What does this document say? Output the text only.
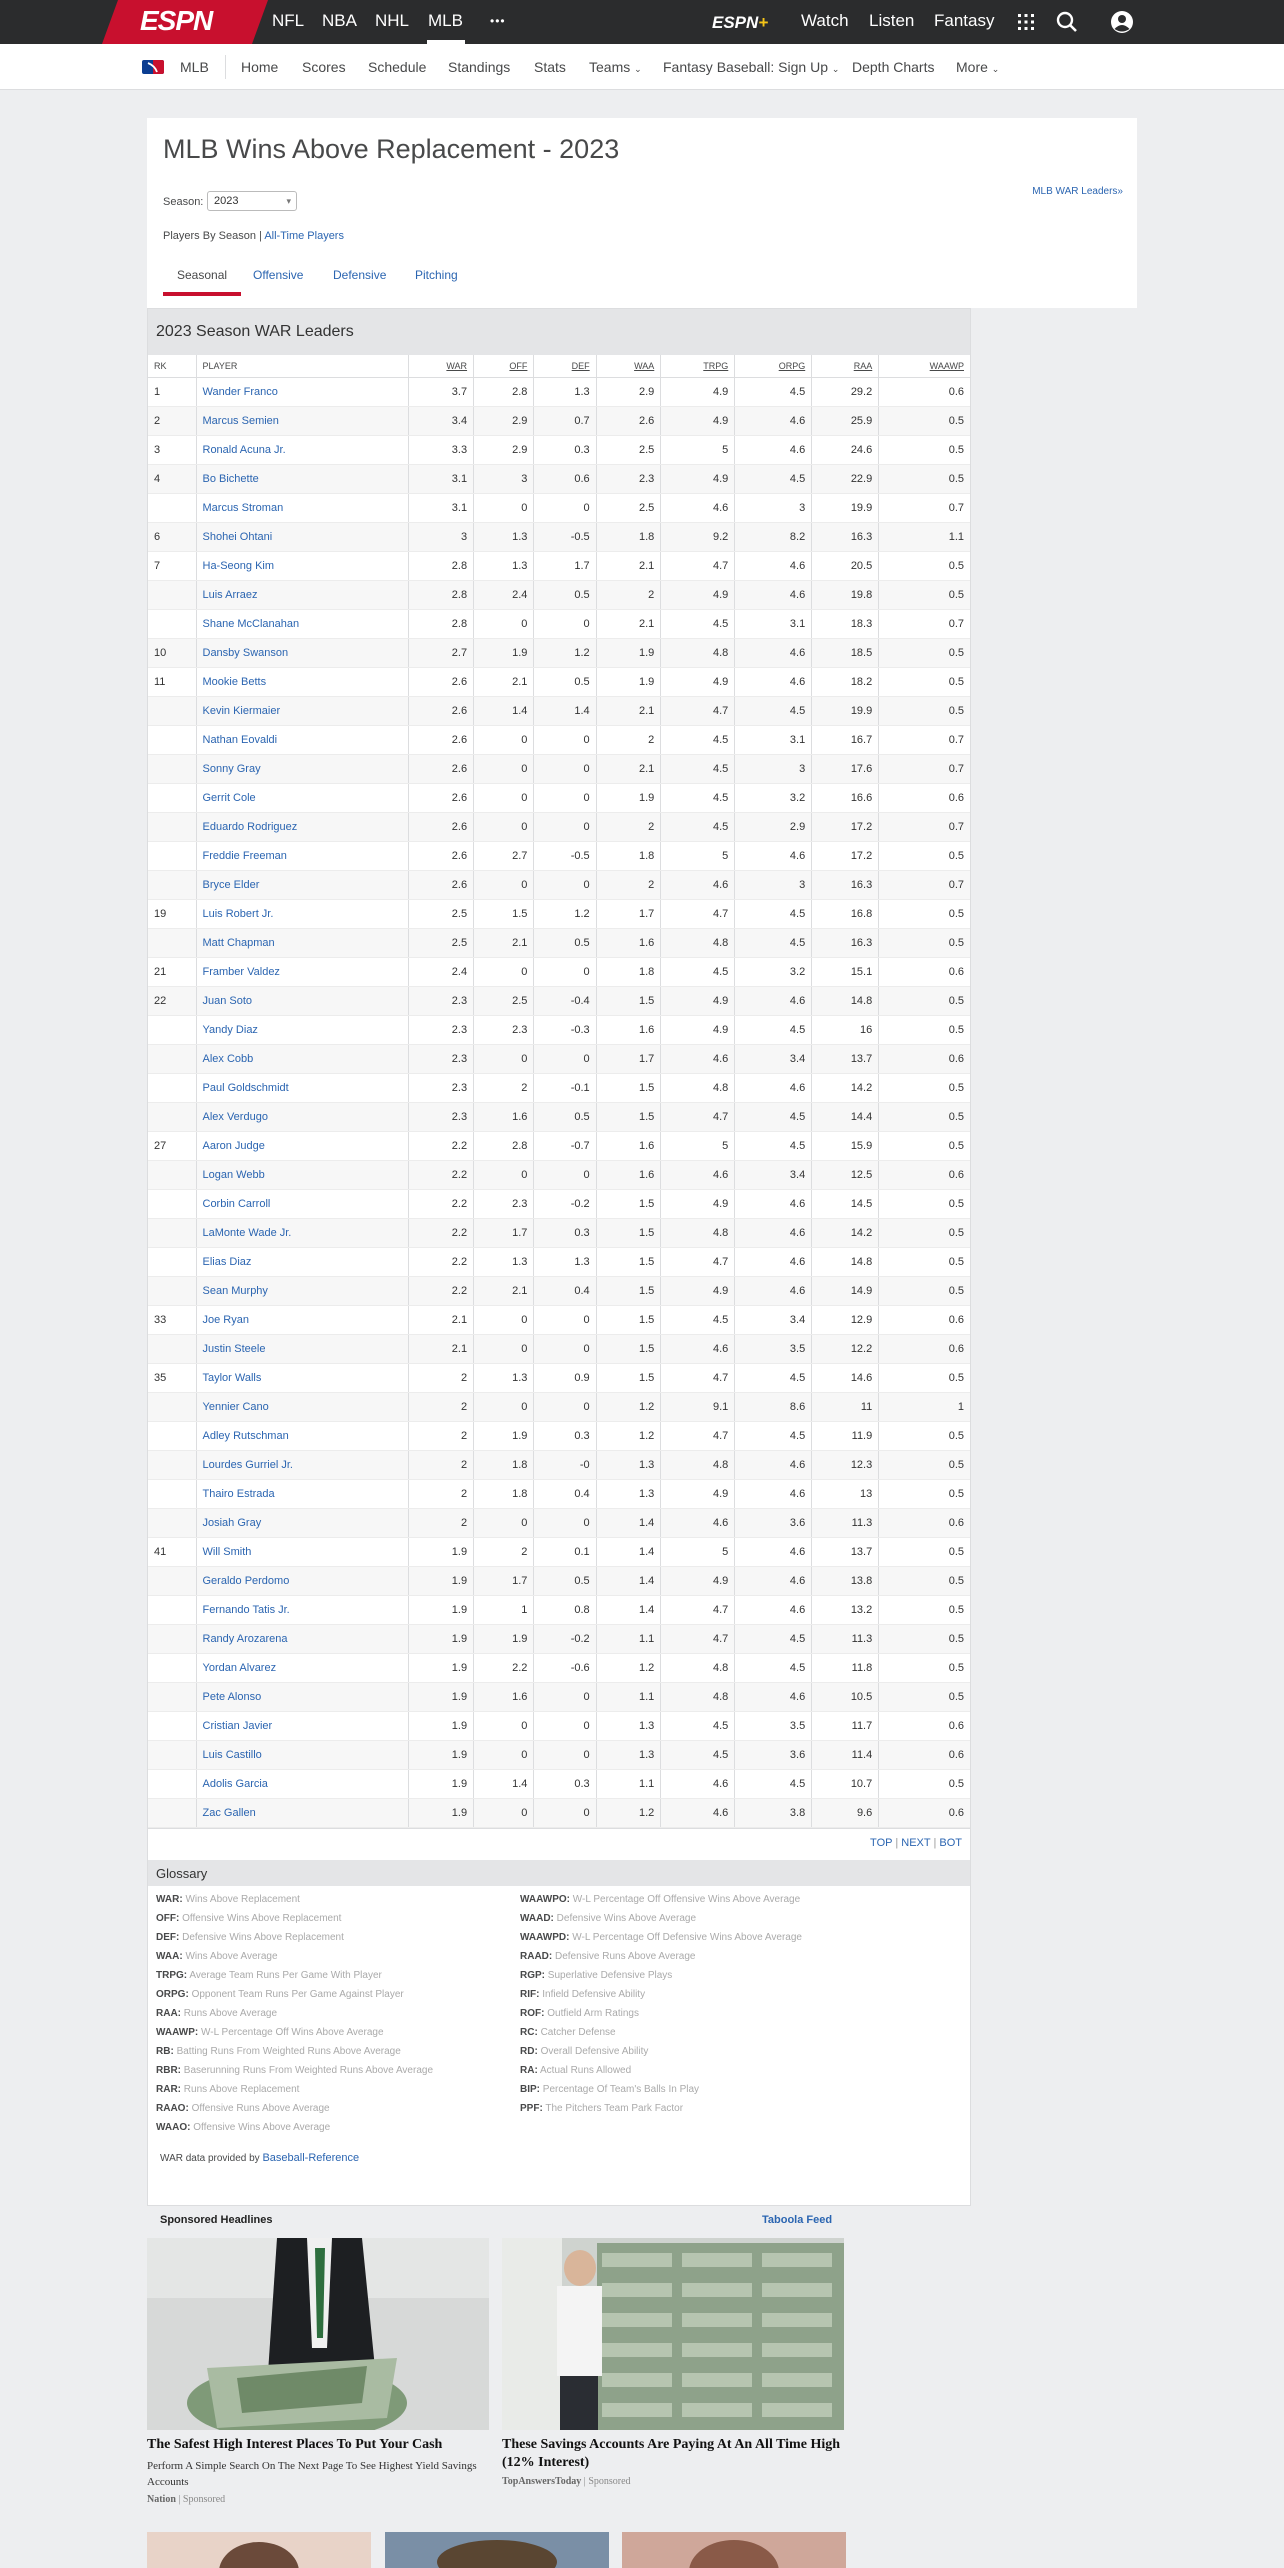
ESPN	NFL NBA NHL MLB •••	ESPN+ Watch Listen Fantasy
MLB Home Scores Schedule Standings Stats Teams ⌄ Fantasy Baseball: Sign Up ⌄ Depth Charts More ⌄
MLB Wins Above Replacement - 2023
MLB WAR Leaders»
Season: 2023	▾
Players By Season | All-Time Players
Seasonal Offensive Defensive Pitching
2023 Season WAR Leaders
RK	PLAYER	WAR	OFF	DEF	WAA	TRPG	ORPG	RAA	WAAWP
1	Wander Franco	3.7	2.8	1.3	2.9	4.9	4.5	29.2	0.6
2	Marcus Semien	3.4	2.9	0.7	2.6	4.9	4.6	25.9	0.5
3	Ronald Acuna Jr.	3.3	2.9	0.3	2.5	5	4.6	24.6	0.5
4	Bo Bichette	3.1	3	0.6	2.3	4.9	4.5	22.9	0.5
	Marcus Stroman	3.1	0	0	2.5	4.6	3	19.9	0.7
6	Shohei Ohtani	3	1.3	-0.5	1.8	9.2	8.2	16.3	1.1
7	Ha-Seong Kim	2.8	1.3	1.7	2.1	4.7	4.6	20.5	0.5
	Luis Arraez	2.8	2.4	0.5	2	4.9	4.6	19.8	0.5
	Shane McClanahan	2.8	0	0	2.1	4.5	3.1	18.3	0.7
10	Dansby Swanson	2.7	1.9	1.2	1.9	4.8	4.6	18.5	0.5
11	Mookie Betts	2.6	2.1	0.5	1.9	4.9	4.6	18.2	0.5
	Kevin Kiermaier	2.6	1.4	1.4	2.1	4.7	4.5	19.9	0.5
	Nathan Eovaldi	2.6	0	0	2	4.5	3.1	16.7	0.7
	Sonny Gray	2.6	0	0	2.1	4.5	3	17.6	0.7
	Gerrit Cole	2.6	0	0	1.9	4.5	3.2	16.6	0.6
	Eduardo Rodriguez	2.6	0	0	2	4.5	2.9	17.2	0.7
	Freddie Freeman	2.6	2.7	-0.5	1.8	5	4.6	17.2	0.5
	Bryce Elder	2.6	0	0	2	4.6	3	16.3	0.7
19	Luis Robert Jr.	2.5	1.5	1.2	1.7	4.7	4.5	16.8	0.5
	Matt Chapman	2.5	2.1	0.5	1.6	4.8	4.5	16.3	0.5
21	Framber Valdez	2.4	0	0	1.8	4.5	3.2	15.1	0.6
22	Juan Soto	2.3	2.5	-0.4	1.5	4.9	4.6	14.8	0.5
	Yandy Diaz	2.3	2.3	-0.3	1.6	4.9	4.5	16	0.5
	Alex Cobb	2.3	0	0	1.7	4.6	3.4	13.7	0.6
	Paul Goldschmidt	2.3	2	-0.1	1.5	4.8	4.6	14.2	0.5
	Alex Verdugo	2.3	1.6	0.5	1.5	4.7	4.5	14.4	0.5
27	Aaron Judge	2.2	2.8	-0.7	1.6	5	4.5	15.9	0.5
	Logan Webb	2.2	0	0	1.6	4.6	3.4	12.5	0.6
	Corbin Carroll	2.2	2.3	-0.2	1.5	4.9	4.6	14.5	0.5
	LaMonte Wade Jr.	2.2	1.7	0.3	1.5	4.8	4.6	14.2	0.5
	Elias Diaz	2.2	1.3	1.3	1.5	4.7	4.6	14.8	0.5
	Sean Murphy	2.2	2.1	0.4	1.5	4.9	4.6	14.9	0.5
33	Joe Ryan	2.1	0	0	1.5	4.5	3.4	12.9	0.6
	Justin Steele	2.1	0	0	1.5	4.6	3.5	12.2	0.6
35	Taylor Walls	2	1.3	0.9	1.5	4.7	4.5	14.6	0.5
	Yennier Cano	2	0	0	1.2	9.1	8.6	11	1
	Adley Rutschman	2	1.9	0.3	1.2	4.7	4.5	11.9	0.5
	Lourdes Gurriel Jr.	2	1.8	-0	1.3	4.8	4.6	12.3	0.5
	Thairo Estrada	2	1.8	0.4	1.3	4.9	4.6	13	0.5
	Josiah Gray	2	0	0	1.4	4.6	3.6	11.3	0.6
41	Will Smith	1.9	2	0.1	1.4	5	4.6	13.7	0.5
	Geraldo Perdomo	1.9	1.7	0.5	1.4	4.9	4.6	13.8	0.5
	Fernando Tatis Jr.	1.9	1	0.8	1.4	4.7	4.6	13.2	0.5
	Randy Arozarena	1.9	1.9	-0.2	1.1	4.7	4.5	11.3	0.5
	Yordan Alvarez	1.9	2.2	-0.6	1.2	4.8	4.5	11.8	0.5
	Pete Alonso	1.9	1.6	0	1.1	4.8	4.6	10.5	0.5
	Cristian Javier	1.9	0	0	1.3	4.5	3.5	11.7	0.6
	Luis Castillo	1.9	0	0	1.3	4.5	3.6	11.4	0.6
	Adolis Garcia	1.9	1.4	0.3	1.1	4.6	4.5	10.7	0.5
	Zac Gallen	1.9	0	0	1.2	4.6	3.8	9.6	0.6
TOP | NEXT | BOT
Glossary
WAR: Wins Above Replacement
OFF: Offensive Wins Above Replacement
DEF: Defensive Wins Above Replacement
WAA: Wins Above Average
TRPG: Average Team Runs Per Game With Player
ORPG: Opponent Team Runs Per Game Against Player
RAA: Runs Above Average
WAAWP: W-L Percentage Off Wins Above Average
RB: Batting Runs From Weighted Runs Above Average
RBR: Baserunning Runs From Weighted Runs Above Average
RAR: Runs Above Replacement
RAAO: Offensive Runs Above Average
WAAO: Offensive Wins Above Average
WAAWPO: W-L Percentage Off Offensive Wins Above Average
WAAD: Defensive Wins Above Average
WAAWPD: W-L Percentage Off Defensive Wins Above Average
RAAD: Defensive Runs Above Average
RGP: Superlative Defensive Plays
RIF: Infield Defensive Ability
ROF: Outfield Arm Ratings
RC: Catcher Defense
RD: Overall Defensive Ability
RA: Actual Runs Allowed
BIP: Percentage Of Team's Balls In Play
PPF: The Pitchers Team Park Factor
WAR data provided by Baseball-Reference
Sponsored Headlines	Taboola Feed
The Safest High Interest Places To Put Your Cash
Perform A Simple Search On The Next Page To See Highest Yield Savings Accounts
Nation | Sponsored
These Savings Accounts Are Paying At An All Time High (12% Interest)
TopAnswersToday | Sponsored
